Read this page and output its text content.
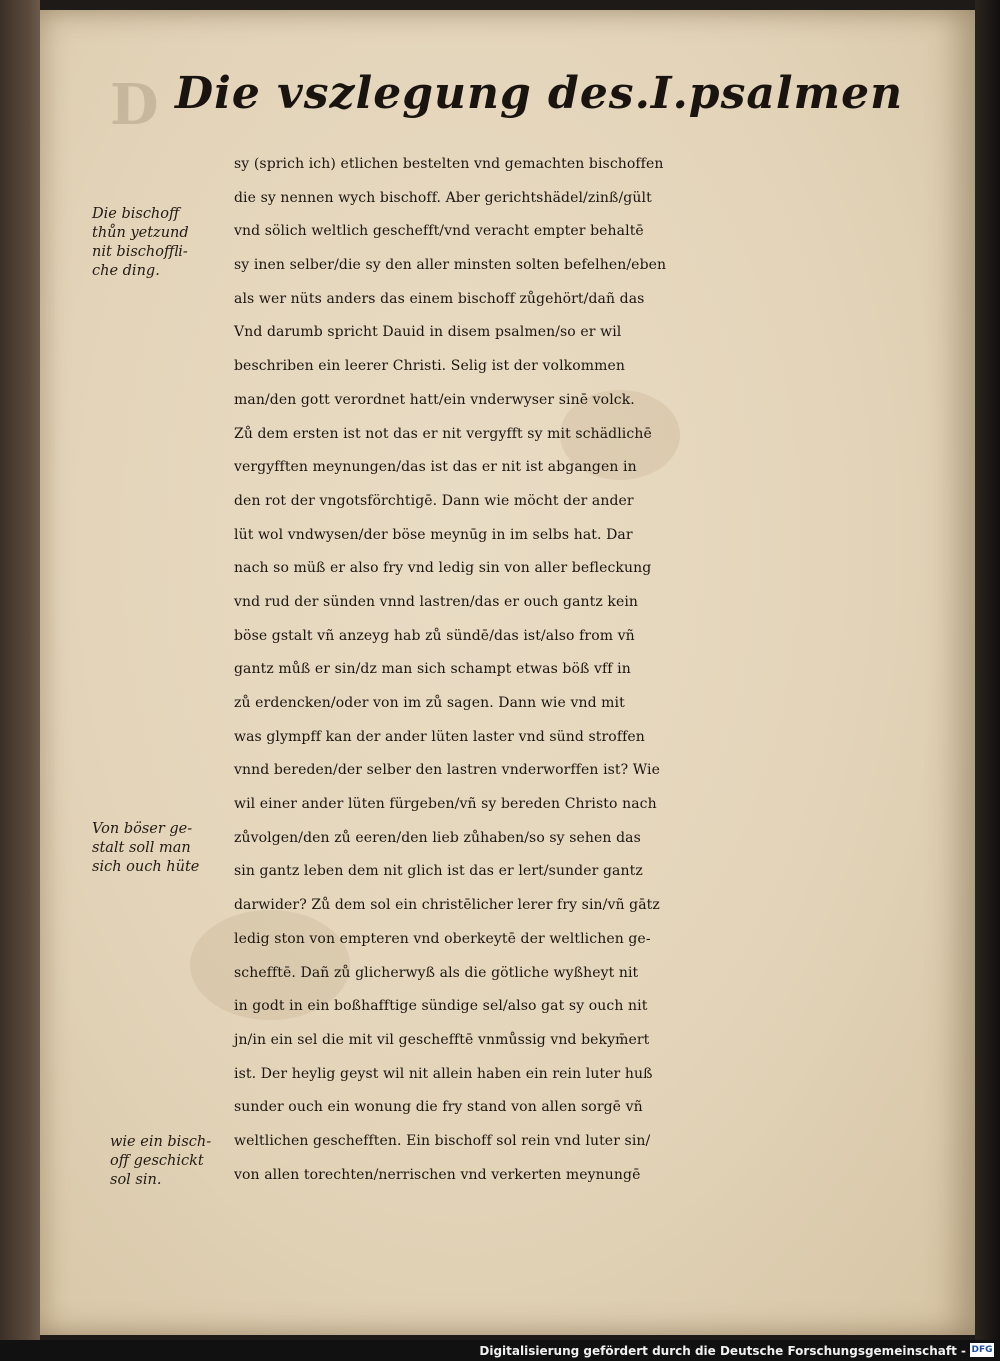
D Die vszlegung des.I.psalmen
Die bischoff
thůn yetzund
nit bischoffli-
che ding.
Von böser ge-
stalt soll man
sich ouch hüte
wie ein bisch-
off geschickt
sol sin.
sy (sprich ich) etlichen bestelten vnd gemachten bischoffen
die sy nennen wych bischoff. Aber gerichtshädel/zinß/gült
vnd sölich weltlich geschefft/vnd veracht empter behaltē
sy inen selber/die sy den aller minsten solten befelhen/eben
als wer nüts anders das einem bischoff zůgehört/dañ das
Vnd darumb spricht Dauid in disem psalmen/so er wil
beschriben ein leerer Christi. Selig ist der volkommen
man/den gott verordnet hatt/ein vnderwyser sinē volck.
Zů dem ersten ist not das er nit vergyfft sy mit schädlichē
vergyfften meynungen/das ist das er nit ist abgangen in
den rot der vngotsförchtigē. Dann wie möcht der ander
lüt wol vndwysen/der böse meynūg in im selbs hat. Dar
nach so müß er also fry vnd ledig sin von aller befleckung
vnd rud der sünden vnnd lastren/das er ouch gantz kein
böse gstalt vñ anzeyg hab zů sündē/das ist/also from vñ
gantz můß er sin/dz man sich schampt etwas böß vff in
zů erdencken/oder von im zů sagen. Dann wie vnd mit
was glympff kan der ander lüten laster vnd sünd stroffen
vnnd bereden/der selber den lastren vnderworffen ist? Wie
wil einer ander lüten fürgeben/vñ sy bereden Christo nach
zůvolgen/den zů eeren/den lieb zůhaben/so sy sehen das
sin gantz leben dem nit glich ist das er lert/sunder gantz
darwider? Zů dem sol ein christēlicher lerer fry sin/vñ gātz
ledig ston von empteren vnd oberkeytē der weltlichen ge-
schefftē. Dañ zů glicherwyß als die götliche wyßheyt nit
in godt in ein boßhafftige sündige sel/also gat sy ouch nit
jn/in ein sel die mit vil geschefftē vnmůssig vnd bekym̄ert
ist. Der heylig geyst wil nit allein haben ein rein luter huß
sunder ouch ein wonung die fry stand von allen sorgē vñ
weltlichen geschefften. Ein bischoff sol rein vnd luter sin/
von allen torechten/nerrischen vnd verkerten meynungē
Digitalisierung gefördert durch die Deutsche Forschungsgemeinschaft - DFG
